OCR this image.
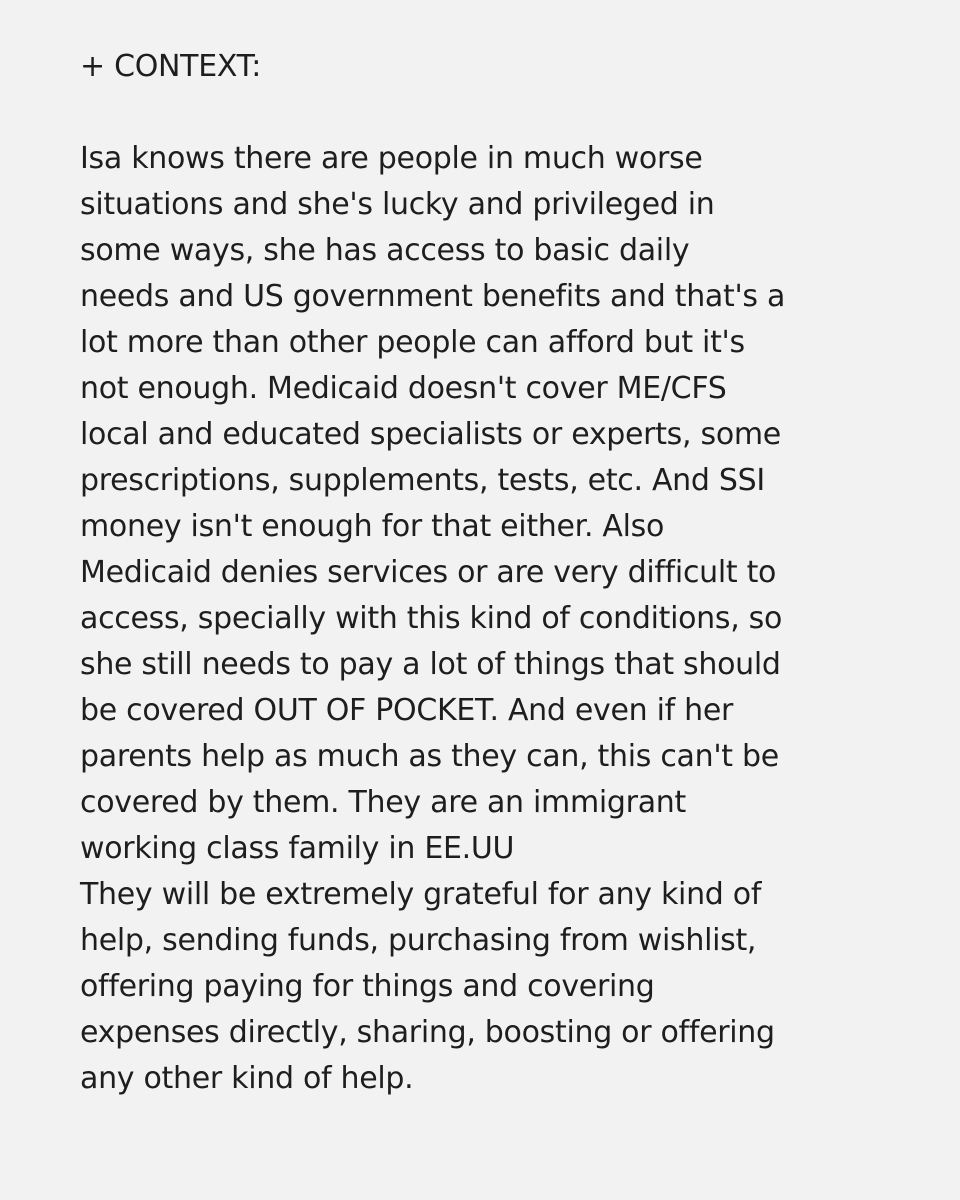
+ CONTEXT:
Isa knows there are people in much worse
situations and she's lucky and privileged in
some ways, she has access to basic daily
needs and US government benefits and that's a
lot more than other people can afford but it's
not enough. Medicaid doesn't cover ME/CFS
local and educated specialists or experts, some
prescriptions, supplements, tests, etc. And SSI
money isn't enough for that either. Also
Medicaid denies services or are very difficult to
access, specially with this kind of conditions, so
she still needs to pay a lot of things that should
be covered OUT OF POCKET. And even if her
parents help as much as they can, this can't be
covered by them. They are an immigrant
working class family in EE.UU
They will be extremely grateful for any kind of
help, sending funds, purchasing from wishlist,
offering paying for things and covering
expenses directly, sharing, boosting or offering
any other kind of help.
